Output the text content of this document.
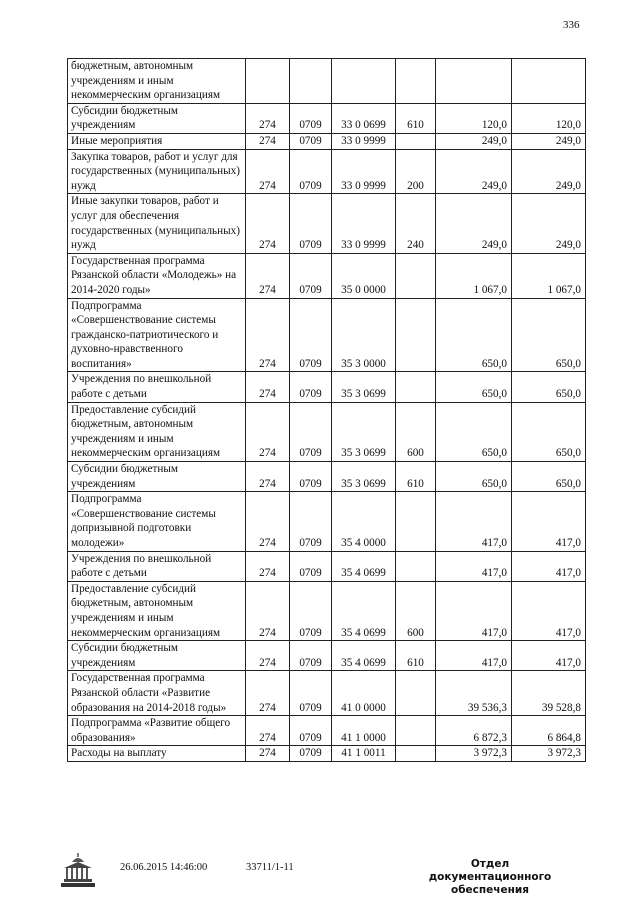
336
бюджетным, автономным учреждениям и иным некоммерческим организациям						
Субсидии бюджетным учреждениям	274	0709	33 0 0699	610	120,0	120,0
Иные мероприятия	274	0709	33 0 9999		249,0	249,0
Закупка товаров, работ и услуг для государственных (муниципальных) нужд	274	0709	33 0 9999	200	249,0	249,0
Иные закупки товаров, работ и услуг для обеспечения государственных (муниципальных) нужд	274	0709	33 0 9999	240	249,0	249,0
Государственная программа Рязанской области «Молодежь» на 2014-2020 годы»	274	0709	35 0 0000		1 067,0	1 067,0
Подпрограмма «Совершенствование системы гражданско-патриотического и духовно-нравственного воспитания»	274	0709	35 3 0000		650,0	650,0
Учреждения по внешкольной работе с детьми	274	0709	35 3 0699		650,0	650,0
Предоставление субсидий бюджетным, автономным учреждениям и иным некоммерческим организациям	274	0709	35 3 0699	600	650,0	650,0
Субсидии бюджетным учреждениям	274	0709	35 3 0699	610	650,0	650,0
Подпрограмма «Совершенствование системы допризывной подготовки молодежи»	274	0709	35 4 0000		417,0	417,0
Учреждения по внешкольной работе с детьми	274	0709	35 4 0699		417,0	417,0
Предоставление субсидий бюджетным, автономным учреждениям и иным некоммерческим организациям	274	0709	35 4 0699	600	417,0	417,0
Субсидии бюджетным учреждениям	274	0709	35 4 0699	610	417,0	417,0
Государственная программа Рязанской области «Развитие образования на 2014-2018 годы»	274	0709	41 0 0000		39 536,3	39 528,8
Подпрограмма «Развитие общего образования»	274	0709	41 1 0000		6 872,3	6 864,8
Расходы на выплату	274	0709	41 1 0011		3 972,3	3 972,3
26.06.2015 14:46:00	33711/1-11	Отдел документационного обеспечения
